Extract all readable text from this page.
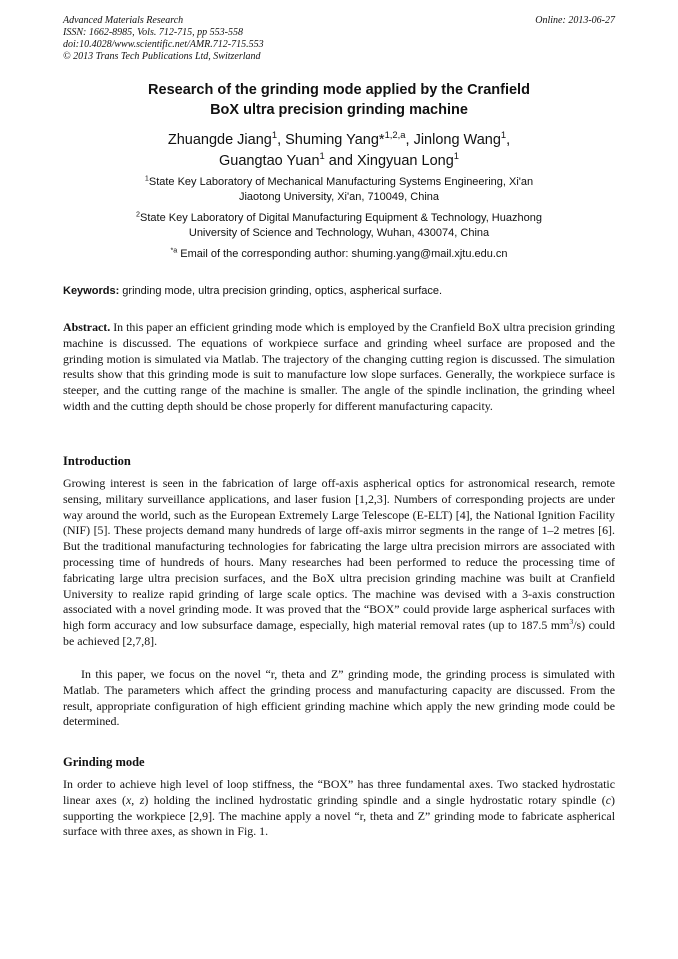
Advanced Materials Research
ISSN: 1662-8985, Vols. 712-715, pp 553-558
doi:10.4028/www.scientific.net/AMR.712-715.553
© 2013 Trans Tech Publications Ltd, Switzerland
Online: 2013-06-27
Research of the grinding mode applied by the Cranfield
BoX ultra precision grinding machine
Zhuangde Jiang$^1$, Shuming Yang*$^{1,2,a}$, Jinlong Wang$^1$,
Guangtao Yuan$^1$ and Xingyuan Long$^1$
$^1$State Key Laboratory of Mechanical Manufacturing Systems Engineering, Xi'an
Jiaotong University, Xi'an, 710049, China
$^2$State Key Laboratory of Digital Manufacturing Equipment & Technology, Huazhong
University of Science and Technology, Wuhan, 430074, China
$^{*a}$ Email of the corresponding author: shuming.yang@mail.xjtu.edu.cn
Keywords: grinding mode, ultra precision grinding, optics, aspherical surface.

Abstract. In this paper an efficient grinding mode which is employed by the Cranfield BoX ultra precision grinding machine is discussed. The equations of workpiece surface and grinding wheel surface are proposed and the grinding motion is simulated via Matlab. The trajectory of the changing cutting region is discussed. The simulation results show that this grinding mode is suit to manufacture low slope surfaces. Generally, the workpiece surface is steeper, and the cutting range of the machine is smaller. The angle of the spindle inclination, the grinding wheel width and the cutting depth should be chose properly for different manufacturing capacity.

Introduction

Growing interest is seen in the fabrication of large off-axis aspherical optics for astronomical research, remote sensing, military surveillance applications, and laser fusion [1,2,3]. Numbers of corresponding projects are under way around the world, such as the European Extremely Large Telescope (E-ELT) [4], the National Ignition Facility (NIF) [5]. These projects demand many hundreds of large off-axis mirror segments in the range of 1–2 metres [6]. But the traditional manufacturing technologies for fabricating the large ultra precision mirrors are associated with processing time of hundreds of hours. Many researches had been performed to reduce the processing time of fabricating large ultra precision surfaces, and the BoX ultra precision grinding machine was built at Cranfield University to realize rapid grinding of large scale optics. The machine was devised with a 3-axis construction associated with a novel grinding mode. It was proved that the “BOX” could provide large aspherical surfaces with high form accuracy and low subsurface damage, especially, high material removal rates (up to 187.5 $mm^3/s$) could be achieved [2,7,8].

In this paper, we focus on the novel “r, theta and Z” grinding mode, the grinding process is simulated with Matlab. The parameters which affect the grinding process and manufacturing capacity are discussed. From the result, appropriate configuration of high efficient grinding machine which apply the new grinding mode could be determined.

Grinding mode

In order to achieve high level of loop stiffness, the “BOX” has three fundamental axes. Two stacked hydrostatic linear axes (x, z) holding the inclined hydrostatic grinding spindle and a single hydrostatic rotary spindle (c) supporting the workpiece [2,9]. The machine apply a novel “r, theta and Z” grinding mode to fabricate aspherical surface with three axes, as shown in Fig. 1.
